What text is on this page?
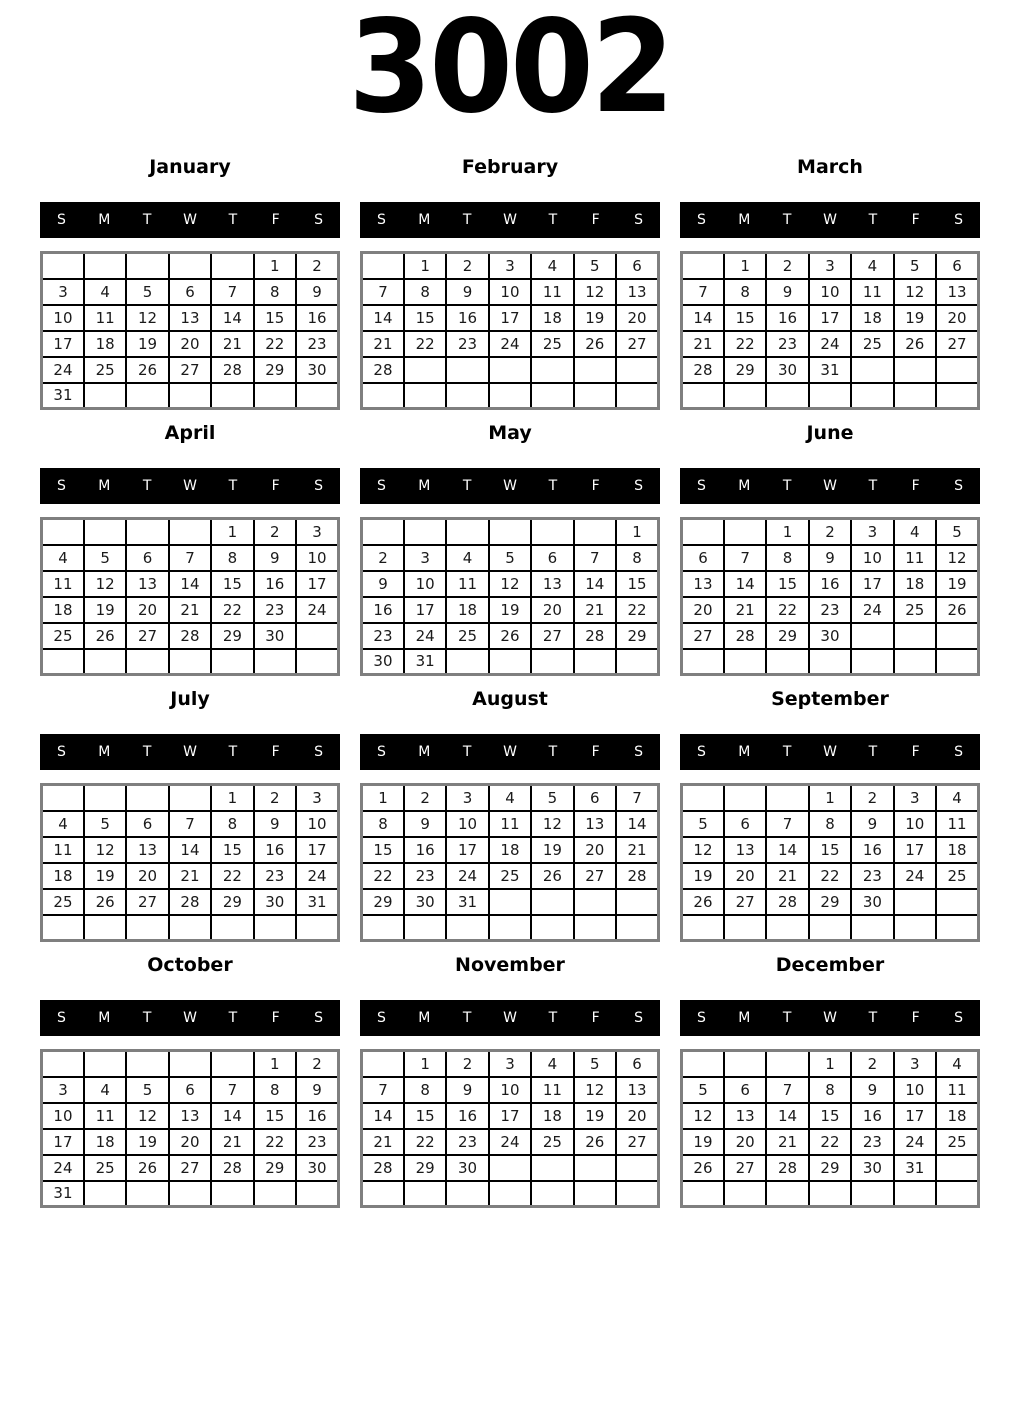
3002
January
S	M	T	W	T	F	S
					1	2
3	4	5	6	7	8	9
10	11	12	13	14	15	16
17	18	19	20	21	22	23
24	25	26	27	28	29	30
31						
February
S	M	T	W	T	F	S
	1	2	3	4	5	6
7	8	9	10	11	12	13
14	15	16	17	18	19	20
21	22	23	24	25	26	27
28						

March
S	M	T	W	T	F	S
	1	2	3	4	5	6
7	8	9	10	11	12	13
14	15	16	17	18	19	20
21	22	23	24	25	26	27
28	29	30	31			

April
S	M	T	W	T	F	S
				1	2	3
4	5	6	7	8	9	10
11	12	13	14	15	16	17
18	19	20	21	22	23	24
25	26	27	28	29	30	

May
S	M	T	W	T	F	S
						1
2	3	4	5	6	7	8
9	10	11	12	13	14	15
16	17	18	19	20	21	22
23	24	25	26	27	28	29
30	31					
June
S	M	T	W	T	F	S
		1	2	3	4	5
6	7	8	9	10	11	12
13	14	15	16	17	18	19
20	21	22	23	24	25	26
27	28	29	30			

July
S	M	T	W	T	F	S
				1	2	3
4	5	6	7	8	9	10
11	12	13	14	15	16	17
18	19	20	21	22	23	24
25	26	27	28	29	30	31

August
S	M	T	W	T	F	S
1	2	3	4	5	6	7
8	9	10	11	12	13	14
15	16	17	18	19	20	21
22	23	24	25	26	27	28
29	30	31				

September
S	M	T	W	T	F	S
			1	2	3	4
5	6	7	8	9	10	11
12	13	14	15	16	17	18
19	20	21	22	23	24	25
26	27	28	29	30		

October
S	M	T	W	T	F	S
					1	2
3	4	5	6	7	8	9
10	11	12	13	14	15	16
17	18	19	20	21	22	23
24	25	26	27	28	29	30
31						
November
S	M	T	W	T	F	S
	1	2	3	4	5	6
7	8	9	10	11	12	13
14	15	16	17	18	19	20
21	22	23	24	25	26	27
28	29	30				

December
S	M	T	W	T	F	S
			1	2	3	4
5	6	7	8	9	10	11
12	13	14	15	16	17	18
19	20	21	22	23	24	25
26	27	28	29	30	31	
